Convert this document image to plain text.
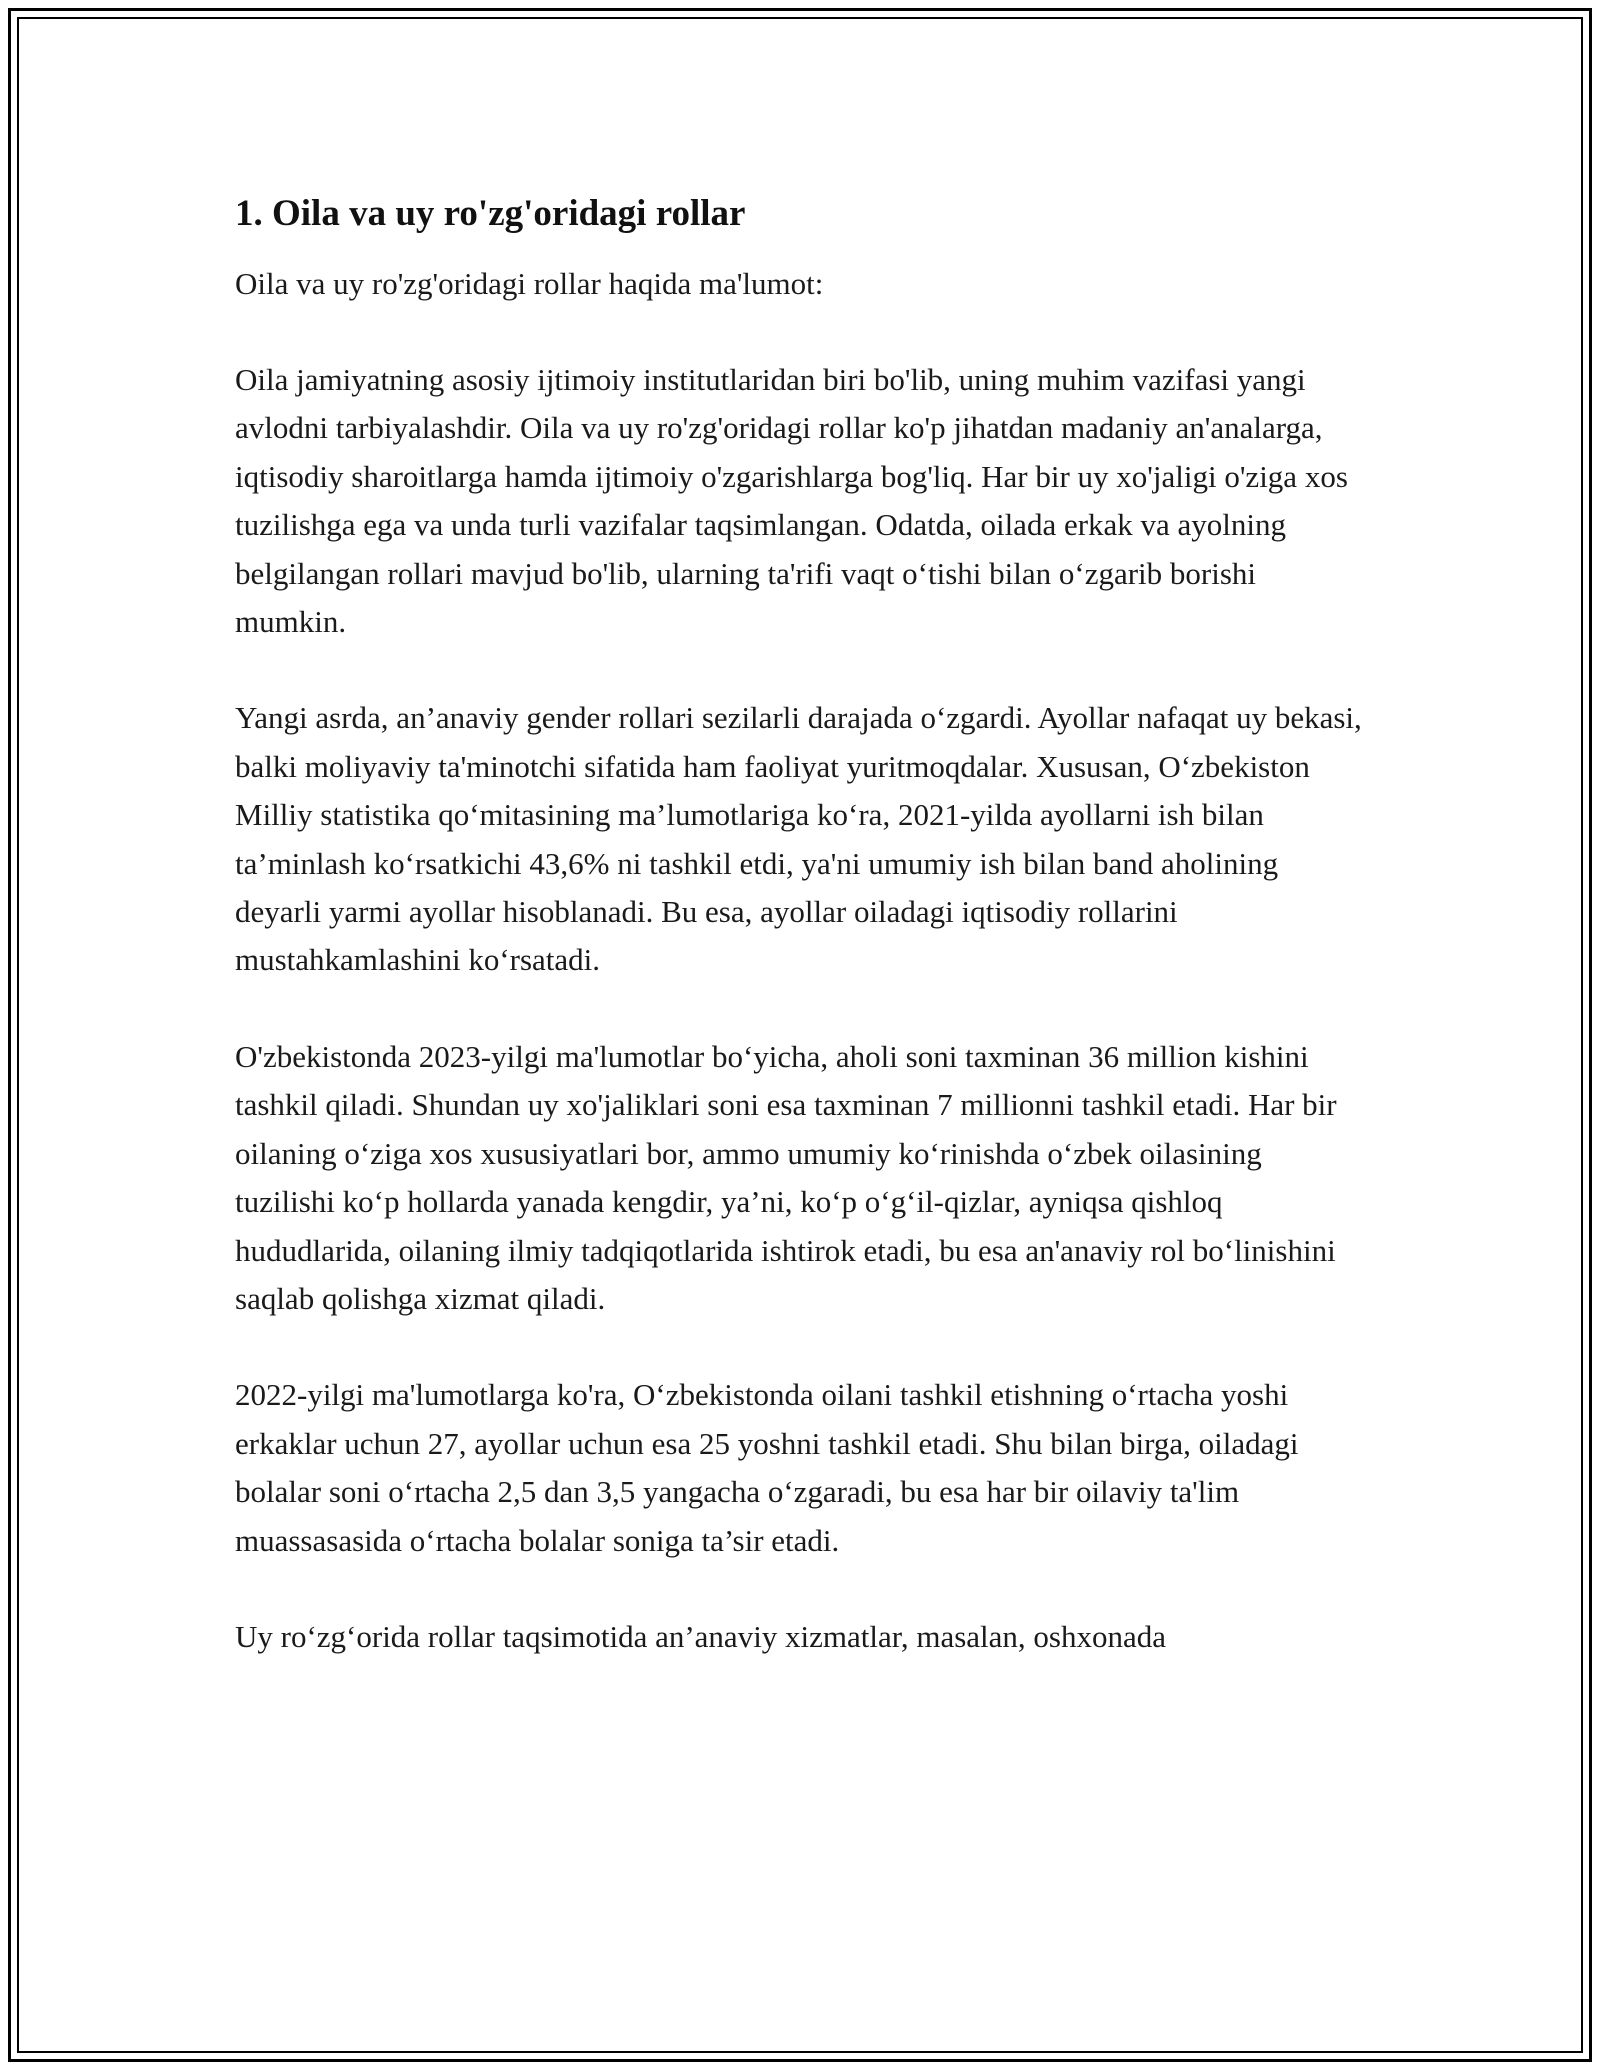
1. Oila va uy ro'zg'oridagi rollar

Oila va uy ro'zg'oridagi rollar haqida ma'lumot:

Oila jamiyatning asosiy ijtimoiy institutlaridan biri bo'lib, uning muhim vazifasi yangi avlodni tarbiyalashdir. Oila va uy ro'zg'oridagi rollar ko'p jihatdan madaniy an'analarga, iqtisodiy sharoitlarga hamda ijtimoiy o'zgarishlarga bog'liq. Har bir uy xo'jaligi o'ziga xos tuzilishga ega va unda turli vazifalar taqsimlangan. Odatda, oilada erkak va ayolning belgilangan rollari mavjud bo'lib, ularning ta'rifi vaqt o‘tishi bilan o‘zgarib borishi mumkin.

Yangi asrda, an’anaviy gender rollari sezilarli darajada o‘zgardi. Ayollar nafaqat uy bekasi, balki moliyaviy ta'minotchi sifatida ham faoliyat yuritmoqdalar. Xususan, O‘zbekiston Milliy statistika qo‘mitasining ma’lumotlariga ko‘ra, 2021-yilda ayollarni ish bilan ta’minlash ko‘rsatkichi 43,6% ni tashkil etdi, ya'ni umumiy ish bilan band aholining deyarli yarmi ayollar hisoblanadi. Bu esa, ayollar oiladagi iqtisodiy rollarini mustahkamlashini ko‘rsatadi.

O'zbekistonda 2023-yilgi ma'lumotlar bo‘yicha, aholi soni taxminan 36 million kishini tashkil qiladi. Shundan uy xo'jaliklari soni esa taxminan 7 millionni tashkil etadi. Har bir oilaning o‘ziga xos xususiyatlari bor, ammo umumiy ko‘rinishda o‘zbek oilasining tuzilishi ko‘p hollarda yanada kengdir, ya’ni, ko‘p o‘g‘il-qizlar, ayniqsa qishloq hududlarida, oilaning ilmiy tadqiqotlarida ishtirok etadi, bu esa an'anaviy rol bo‘linishini saqlab qolishga xizmat qiladi.

2022-yilgi ma'lumotlarga ko'ra, O‘zbekistonda oilani tashkil etishning o‘rtacha yoshi erkaklar uchun 27, ayollar uchun esa 25 yoshni tashkil etadi. Shu bilan birga, oiladagi bolalar soni o‘rtacha 2,5 dan 3,5 yangacha o‘zgaradi, bu esa har bir oilaviy ta'lim muassasasida o‘rtacha bolalar soniga ta’sir etadi.

Uy ro‘zg‘orida rollar taqsimotida an’anaviy xizmatlar, masalan, oshxonada
